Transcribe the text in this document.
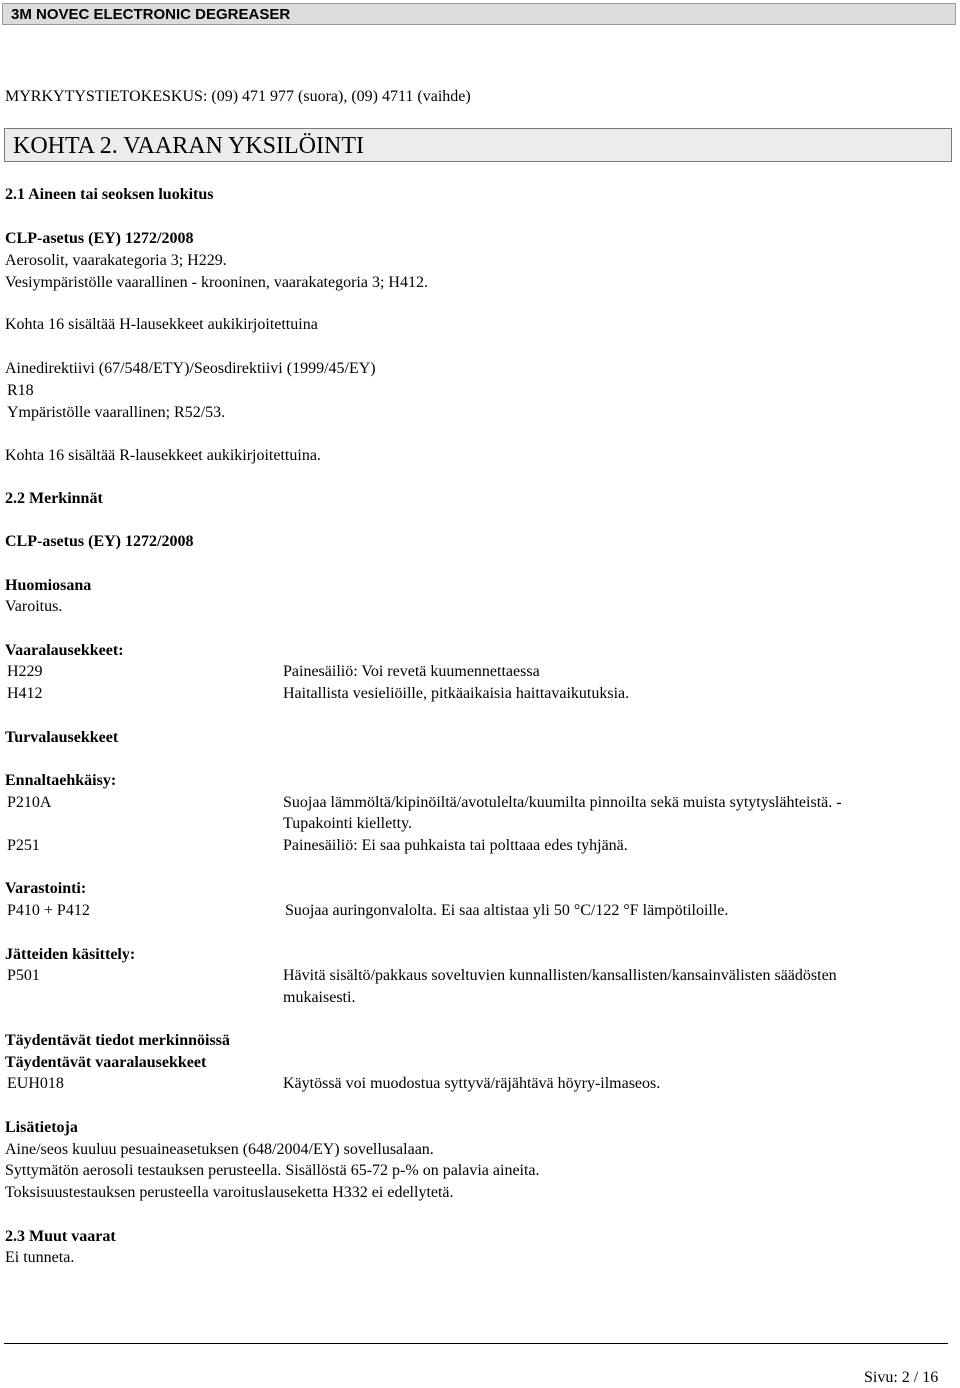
3M NOVEC ELECTRONIC DEGREASER
MYRKYTYSTIETOKESKUS: (09) 471 977 (suora), (09) 4711 (vaihde)
KOHTA 2. VAARAN YKSILÖINTI
2.1 Aineen tai seoksen luokitus
CLP-asetus (EY) 1272/2008
Aerosolit, vaarakategoria 3; H229.
Vesiympäristölle vaarallinen - krooninen, vaarakategoria 3; H412.
Kohta 16 sisältää H-lausekkeet aukikirjoitettuina
Ainedirektiivi (67/548/ETY)/Seosdirektiivi (1999/45/EY)
R18
Ympäristölle vaarallinen; R52/53.
Kohta 16 sisältää R-lausekkeet aukikirjoitettuina.
2.2 Merkinnät
CLP-asetus (EY) 1272/2008
Huomiosana
Varoitus.
Vaaralausekkeet:
H229	Painesäiliö: Voi revetä kuumennettaessa
H412	Haitallista vesieliöille, pitkäaikaisia haittavaikutuksia.
Turvalausekkeet
Ennaltaehkäisy:
P210A	Suojaa lämmöltä/kipinöiltä/avotulelta/kuumilta pinnoilta sekä muista sytytyslähteistä. -
Tupakointi kielletty.
P251	Painesäiliö: Ei saa puhkaista tai polttaaa edes tyhjänä.
Varastointi:
P410 + P412	Suojaa auringonvalolta. Ei saa altistaa yli 50 °C/122 °F lämpötiloille.
Jätteiden käsittely:
P501	Hävitä sisältö/pakkaus soveltuvien kunnallisten/kansallisten/kansainvälisten säädösten
mukaisesti.
Täydentävät tiedot merkinnöissä
Täydentävät vaaralausekkeet
EUH018	Käytössä voi muodostua syttyvä/räjähtävä höyry-ilmaseos.
Lisätietoja
Aine/seos kuuluu pesuaineasetuksen (648/2004/EY) sovellusalaan.
Syttymätön aerosoli testauksen perusteella. Sisällöstä 65-72 p-% on palavia aineita.
Toksisuustestauksen perusteella varoituslauseketta H332 ei edellytetä.
2.3 Muut vaarat
Ei tunneta.
Sivu: 2 / 16
